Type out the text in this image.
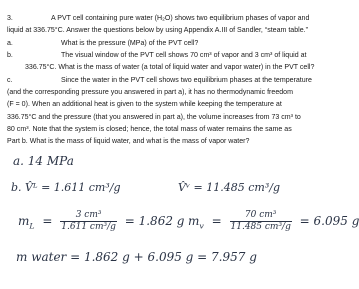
3.	A PVT cell containing pure water (H₂O) shows two equilibrium phases of vapor and
liquid at 336.75°C. Answer the questions below by using Appendix A.III of Sandler, “steam table.”
a.	What is the pressure (MPa) of the PVT cell?
b.	The visual window of the PVT cell shows 70 cm³ of vapor and 3 cm³ of liquid at
336.75°C. What is the mass of water (a total of liquid water and vapor water) in the PVT cell?
c.	Since the water in the PVT cell shows two equilibrium phases at the temperature
(and the corresponding pressure you answered in part a), it has no thermodynamic freedom
(F = 0). When an additional heat is given to the system while keeping the temperature at
336.75°C and the pressure (that you answered in part a), the volume increases from 73 cm³ to
80 cm³. Note that the system is closed; hence, the total mass of water remains the same as
Part b. What is the mass of liquid water, and what is the mass of vapor water?
a. 14 MPa
b. V̂ᴸ = 1.611 cm³/g	V̂ᵛ = 11.485 cm³/g
$m_L = \frac{\text{3 cm³}}{\text{1.611 cm³/g}} = 1.862$ g $m_v = \frac{\text{70 cm³}}{\text{11.485 cm³/g}} = 6.095$ g
m water = 1.862 g + 6.095 g = 7.957 g
